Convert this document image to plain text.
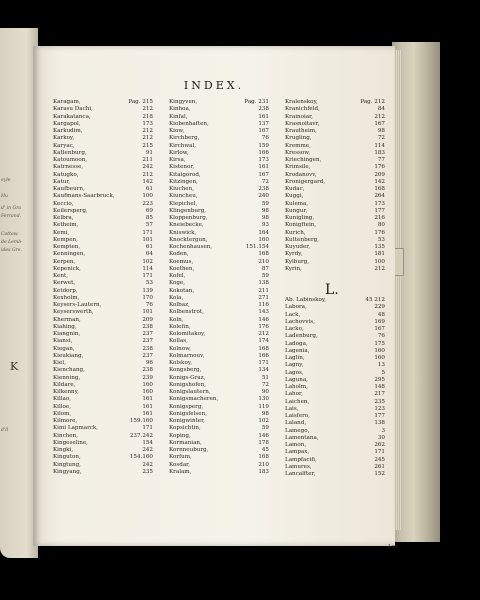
eyle
Hu
d' in Gra
Ferrand.
Cattaw,
de Lemb-
ides Gre.
d'll
K
INDEX.
Karagam,	Pag. 215
Karasu Dachi,	212
Karakatanca,	218
Kargapol,	173
Karkudim,	212
Karkoy,	212
Karyac,	215
Katlenburg,	91
Katoumoon,	211
Katrnesse,	242
Katugko,	212
Katur,	142
Kaufbeurn,	61
Kaufmans-Saarbruck,	100
Keccio,	223
Keilersperg,	69
Kelbra,	85
Ketheim,	57
Kemi,	171
Kempen,	101
Kempten,	61
Kenningen,	64
Kerpen,	102
Kepenick,	114
Kent,	171
Kerwet,	53
Ketdorp,	139
Kexholm,	170
Keysers-Lautern,	76
Keyserswerth,	101
Kherman,	209
Kiahing,	238
Kiangnin,	237
Kiansi,	237
Kiegan,	238
Kieukiang,	237
Kiel,	96
Kienchang,	238
Kienning,	239
Kildare,	160
Kilkenny,	160
Killao,	161
Killoe,	161
Kilom,	161
Kilmore,	159.160
Kimi Lapmarck,	171
Kinchen,	237.242
Kingeseline,	154
Kingki,	242
Kinguton,	154.160
Kingtung,	242
Kingyang,	235
Kingyven,	Pag. 231
Kinhoa,	238
Kinfal,	161
Kiobenhaften,	137
Kiow,	167
Kirchberg,	76
Kirchwal,	159
Kirlow,	166
Kirsa,	173
Kistenor,	161
Kitaigorod,	167
Kitzingen,	72
Kiuchen,	238
Kiuncheu,	240
Klepichel,	59
Klingenburg,	98
Kloppenburg,	98
Kneiebecke,	93
Kniswick,	164
Knocktergun,	160
Kochenhausen,	151.154
Koden,	168
Koemus,	210
Koethen,	87
Kofel,	59
Koge,	138
Kokotan,	211
Kola,	271
Kolbaz,	116
Kolbenstrot,	143
Koln,	146
Kolefin,	176
Kolomitakoy,	212
Kollas,	174
Kolnow,	168
Kolmarnouv,	166
Kolskoy,	171
Kongsberg,	134
Konigs-Graz,	51
Konigshofen,	72
Konigslautern,	90
Konigsmacheren,	130
Konigsperg,	119
Konigsfelsen,	98
Konigwinter,	102
Kopsichtin,	59
Koping,	146
Kormanian,	178
Kornneuburg,	45
Korfum,	168
Kosdar,	210
Kralam,	183
Kralenskoy,	Pag. 212
Kranichfeld,	84
Krainoiar,	212
Krasnoitavr,	167
Krautheim,	98
Krugling,	72
Kremme,	114
Kressow,	183
Kriechingen,	77
Krimsile,	176
Krodanovv,	209
Kronigergard,	142
Kudac,	168
Kuggi,	264
Kulema,	173
Kungur,	177
Kunigling,	216
Konigftein,	80
Kurich,	176
Kuttenberg,	53
Kuyuder,	135
Kyrdy,	181
Kylburg,	100
Kyrin,	212
L.
Ab. Labinskoy,	45 212
Labora,	229
Lack,	48
Lachovvis,	169
Lacko,	167
Ladenburg,	76
Ladoga,	175
Lagenia,	160
Laglin,	160
Lagny,	13
Lagos,	5
Laguna,	295
Laholm,	148
Lahor,	217
Laichen,	235
Lais,	123
Laisfero,	177
Laland,	138
Lamego,	3
Lamentana,	30
Lamon,	262
Lampax,	171
Lampfacifi,	245
Lamures,	261
Lancalfter,	152
Lan
